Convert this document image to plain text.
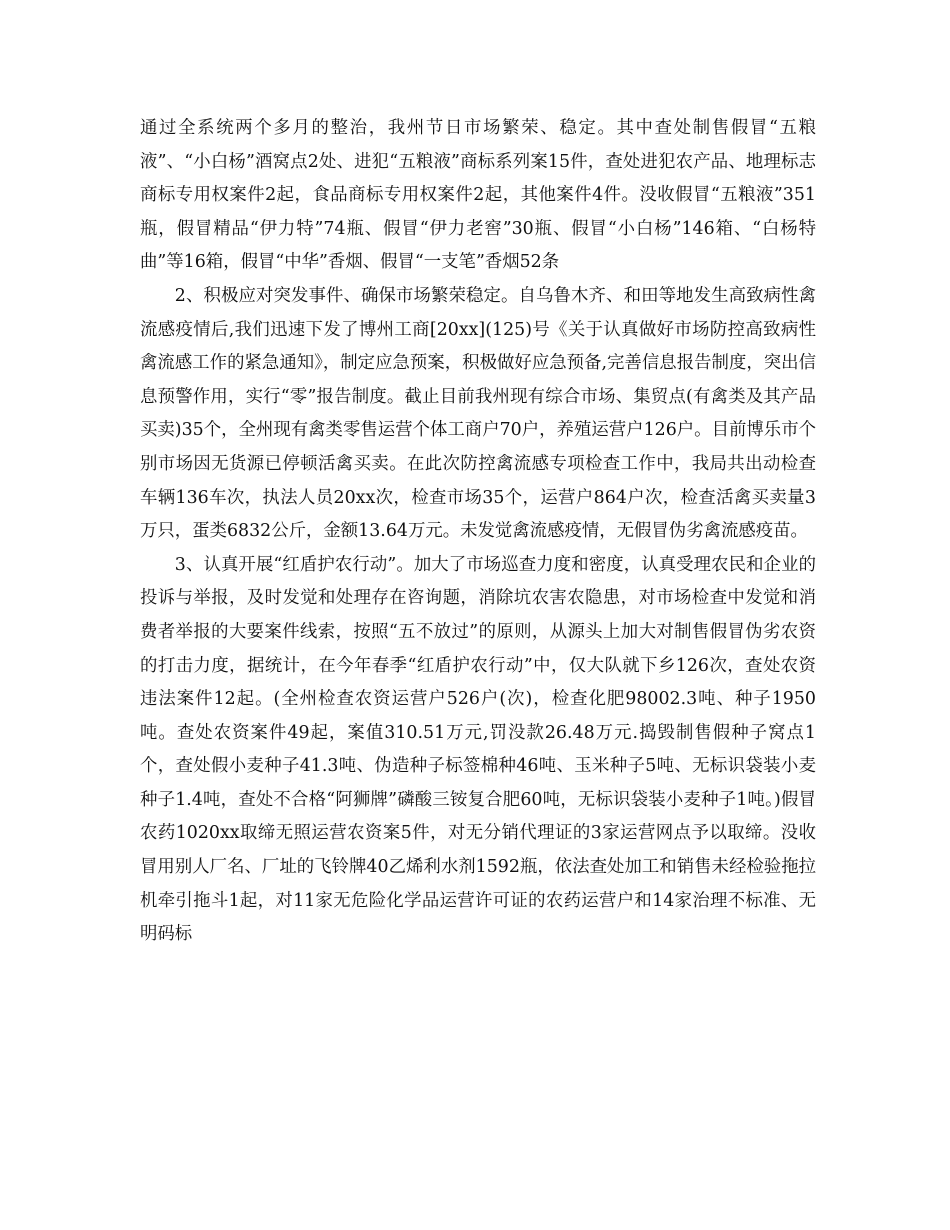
通过全系统两个多月的整治，我州节日市场繁荣、稳定。其中查处制售假冒“五粮液”、“小白杨”酒窝点2处、进犯“五粮液”商标系列案15件，查处进犯农产品、地理标志商标专用权案件2起，食品商标专用权案件2起，其他案件4件。没收假冒“五粮液”351瓶，假冒精品“伊力特”74瓶、假冒“伊力老窖”30瓶、假冒“小白杨”146箱、“白杨特曲”等16箱，假冒“中华”香烟、假冒“一支笔”香烟52条

2、积极应对突发事件、确保市场繁荣稳定。自乌鲁木齐、和田等地发生高致病性禽流感疫情后,我们迅速下发了博州工商[20xx](125)号《关于认真做好市场防控高致病性禽流感工作的紧急通知》，制定应急预案，积极做好应急预备,完善信息报告制度，突出信息预警作用，实行“零”报告制度。截止目前我州现有综合市场、集贸点(有禽类及其产品买卖)35个，全州现有禽类零售运营个体工商户70户，养殖运营户126户。目前博乐市个别市场因无货源已停顿活禽买卖。在此次防控禽流感专项检查工作中，我局共出动检查车辆136车次，执法人员20xx次，检查市场35个，运营户864户次，检查活禽买卖量3万只，蛋类6832公斤，金额13.64万元。未发觉禽流感疫情，无假冒伪劣禽流感疫苗。

3、认真开展“红盾护农行动”。加大了市场巡查力度和密度，认真受理农民和企业的投诉与举报，及时发觉和处理存在咨询题，消除坑农害农隐患，对市场检查中发觉和消费者举报的大要案件线索，按照“五不放过”的原则，从源头上加大对制售假冒伪劣农资的打击力度，据统计，在今年春季“红盾护农行动”中，仅大队就下乡126次，查处农资违法案件12起。(全州检查农资运营户526户(次)，检查化肥98002.3吨、种子1950吨。查处农资案件49起，案值310.51万元,罚没款26.48万元.捣毁制售假种子窝点1个，查处假小麦种子41.3吨、伪造种子标签棉种46吨、玉米种子5吨、无标识袋装小麦种子1.4吨，查处不合格“阿狮牌”磷酸三铵复合肥60吨，无标识袋装小麦种子1吨。)假冒农药1020xx取缔无照运营农资案5件，对无分销代理证的3家运营网点予以取缔。没收冒用别人厂名、厂址的飞铃牌40乙烯利水剂1592瓶，依法查处加工和销售未经检验拖拉机牵引拖斗1起，对11家无危险化学品运营许可证的农药运营户和14家治理不标准、无明码标
